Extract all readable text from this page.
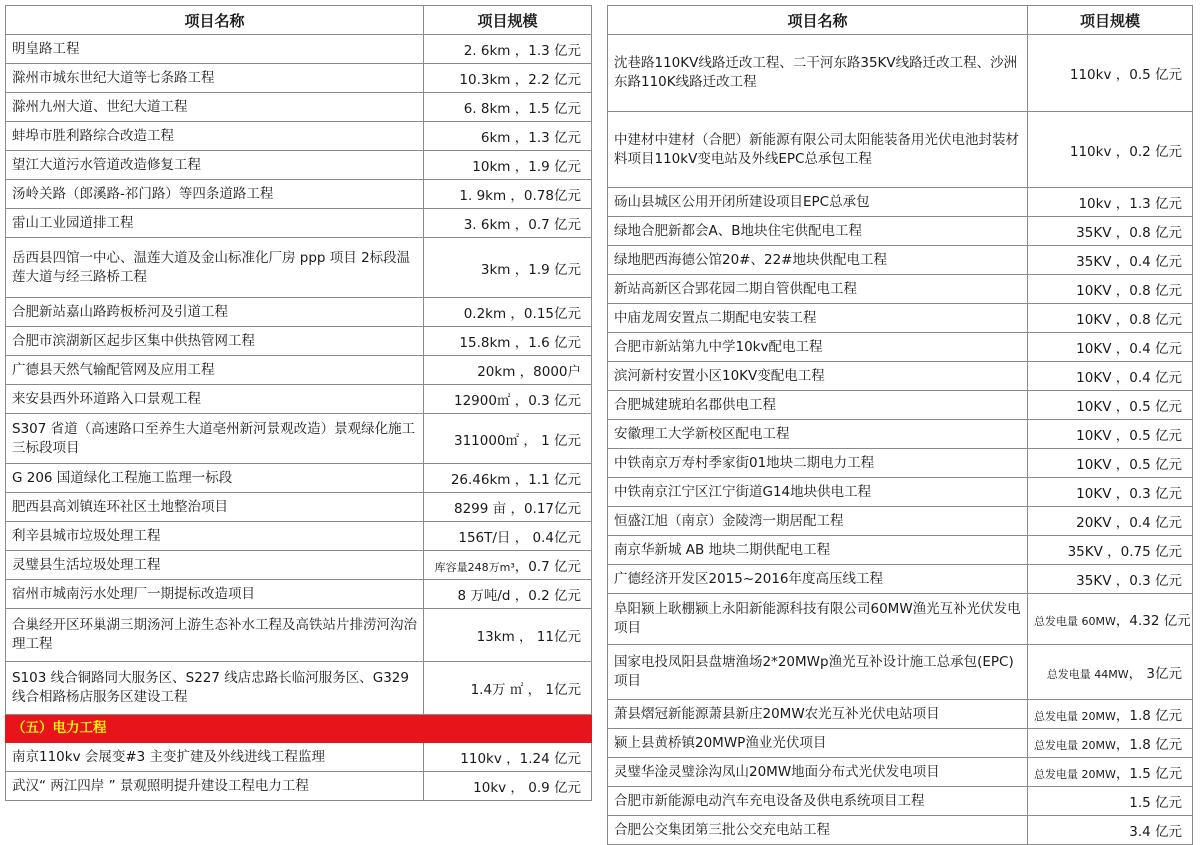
项目名称	项目规模
明皇路工程	2. 6km ，1.3 亿元
滁州市城东世纪大道等七条路工程	10.3km ，2.2 亿元
滁州九州大道、世纪大道工程	6. 8km ，1.5 亿元
蚌埠市胜利路综合改造工程	6km ，1.3 亿元
望江大道污水管道改造修复工程	10km ，1.9 亿元
汤岭关路（郎溪路-祁门路）等四条道路工程	1. 9km ，0.78亿元
雷山工业园道排工程	3. 6km ，0.7 亿元
岳西县四馆一中心、温莲大道及金山标准化厂房 ppp 项目 2标段温莲大道与经三路桥工程	3km ，1.9 亿元
合肥新站嘉山路跨板桥河及引道工程	0.2km ，0.15亿元
合肥市滨湖新区起步区集中供热管网工程	15.8km ，1.6 亿元
广德县天然气输配管网及应用工程	20km ，8000户
来安县西外环道路入口景观工程	12900㎡ ，0.3 亿元
S307 省道（高速路口至养生大道亳州新河景观改造）景观绿化施工三标段项目	311000㎡ ， 1 亿元
G 206 国道绿化工程施工监理一标段	26.46km ，1.1 亿元
肥西县高刘镇连环社区土地整治项目	8299 亩 ，0.17亿元
利辛县城市垃圾处理工程	156T/日 ， 0.4亿元
灵璧县生活垃圾处理工程	库容量248万m³，0.7 亿元
宿州市城南污水处理厂一期提标改造项目	8 万吨/d ，0.2 亿元
合巢经开区环巢湖三期汤河上游生态补水工程及高铁站片排涝河沟治理工程	13km ， 11亿元
S103 线合铜路同大服务区、S227 线店忠路长临河服务区、G329 线合相路杨店服务区建设工程	1.4万 ㎡ ， 1亿元
（五）电力工程	
南京110kv 会展变#3 主变扩建及外线进线工程监理	110kv ，1.24 亿元
武汉“ 两江四岸 ” 景观照明提升建设工程电力工程	10kv ， 0.9 亿元
项目名称	项目规模
沈巷路110KV线路迁改工程、二干河东路35KV线路迁改工程、沙洲东路110K线路迁改工程	110kv ，0.5 亿元
中建材中建材（合肥）新能源有限公司太阳能装备用光伏电池封装材料项目110kV变电站及外线EPC总承包工程	110kv ，0.2 亿元
砀山县城区公用开闭所建设项目EPC总承包	10kv ，1.3 亿元
绿地合肥新都会A、B地块住宅供配电工程	35KV ，0.8 亿元
绿地肥西海德公馆20#、22#地块供配电工程	35KV ，0.4 亿元
新站高新区合郢花园二期自管供配电工程	10KV ，0.8 亿元
中庙龙周安置点二期配电安装工程	10KV ，0.8 亿元
合肥市新站第九中学10kv配电工程	10KV ，0.4 亿元
滨河新村安置小区10KV变配电工程	10KV ，0.4 亿元
合肥城建琥珀名郡供电工程	10KV ，0.5 亿元
安徽理工大学新校区配电工程	10KV ，0.5 亿元
中铁南京万寿村季家街01地块二期电力工程	10KV ，0.5 亿元
中铁南京江宁区江宁街道G14地块供电工程	10KV ，0.3 亿元
恒盛江旭（南京）金陵湾一期居配工程	20KV ，0.4 亿元
南京华新城 AB 地块二期供配电工程	35KV ，0.75 亿元
广德经济开发区2015~2016年度高压线工程	35KV ，0.3 亿元
阜阳颍上耿棚颍上永阳新能源科技有限公司60MW渔光互补光伏发电项目	总发电量 60MW，4.32 亿元
国家电投凤阳县盘塘渔场2*20MWp渔光互补设计施工总承包(EPC) 项目	总发电量 44MW， 3亿元
萧县熠冠新能源萧县新庄20MW农光互补光伏电站项目	总发电量 20MW，1.8 亿元
颍上县黄桥镇20MWP渔业光伏项目	总发电量 20MW，1.8 亿元
灵璧华淦灵璧涂沟凤山20MW地面分布式光伏发电项目	总发电量 20MW，1.5 亿元
合肥市新能源电动汽车充电设备及供电系统项目工程	1.5 亿元
合肥公交集团第三批公交充电站工程	3.4 亿元
